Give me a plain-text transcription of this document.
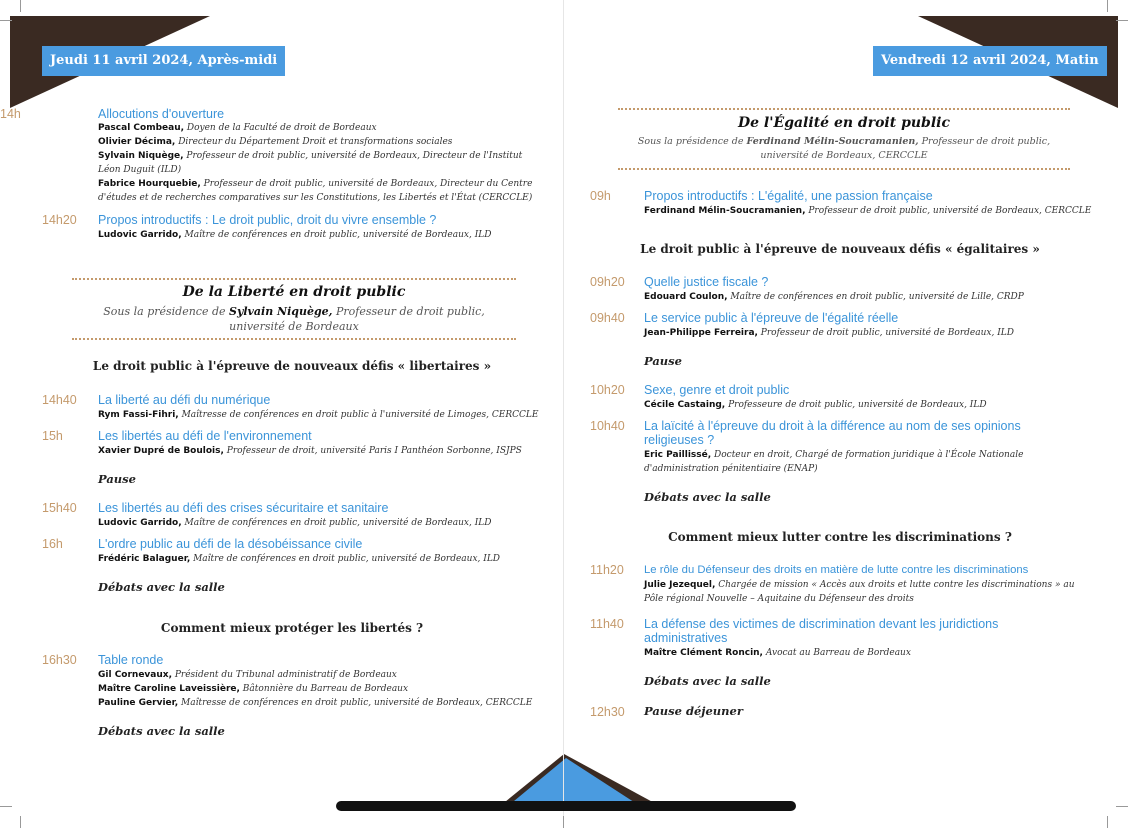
Jeudi 11 avril 2024, Après-midi
14h	Allocutions d'ouverture
Pascal Combeau, Doyen de la Faculté de droit de Bordeaux
Olivier Décima, Directeur du Département Droit et transformations sociales
Sylvain Niquège, Professeur de droit public, université de Bordeaux, Directeur de l'Institut
Léon Duguit (ILD)
Fabrice Hourquebie, Professeur de droit public, université de Bordeaux, Directeur du Centre
d'études et de recherches comparatives sur les Constitutions, les Libertés et l'État (CERCCLE)
14h20 Propos introductifs : Le droit public, droit du vivre ensemble ?
Ludovic Garrido, Maître de conférences en droit public, université de Bordeaux, ILD
De la Liberté en droit public
Sous la présidence de Sylvain Niquège, Professeur de droit public,
université de Bordeaux
Le droit public à l'épreuve de nouveaux défis « libertaires »
14h40 La liberté au défi du numérique
Rym Fassi-Fihri, Maîtresse de conférences en droit public à l'université de Limoges, CERCCLE
15h	Les libertés au défi de l'environnement
Xavier Dupré de Boulois, Professeur de droit, université Paris I Panthéon Sorbonne, ISJPS
Pause
15h40 Les libertés au défi des crises sécuritaire et sanitaire
Ludovic Garrido, Maître de conférences en droit public, université de Bordeaux, ILD
16h	L'ordre public au défi de la désobéissance civile
Frédéric Balaguer, Maître de conférences en droit public, université de Bordeaux, ILD
Débats avec la salle
Comment mieux protéger les libertés ?
16h30 Table ronde
Gil Cornevaux, Président du Tribunal administratif de Bordeaux
Maître Caroline Laveissière, Bâtonnière du Barreau de Bordeaux
Pauline Gervier, Maîtresse de conférences en droit public, université de Bordeaux, CERCCLE
Débats avec la salle
Vendredi 12 avril 2024, Matin
De l'Égalité en droit public
Sous la présidence de Ferdinand Mélin-Soucramanien, Professeur de droit public,
université de Bordeaux, CERCCLE
09h	Propos introductifs : L'égalité, une passion française
Ferdinand Mélin-Soucramanien, Professeur de droit public, université de Bordeaux, CERCCLE
Le droit public à l'épreuve de nouveaux défis « égalitaires »
09h20 Quelle justice fiscale ?
Edouard Coulon, Maître de conférences en droit public, université de Lille, CRDP
09h40 Le service public à l'épreuve de l'égalité réelle
Jean-Philippe Ferreira, Professeur de droit public, université de Bordeaux, ILD
Pause
10h20 Sexe, genre et droit public
Cécile Castaing, Professeure de droit public, université de Bordeaux, ILD
10h40 La laïcité à l'épreuve du droit à la différence au nom de ses opinions
religieuses ?
Eric Paillissé, Docteur en droit, Chargé de formation juridique à l'École Nationale
d'administration pénitentiaire (ENAP)
Débats avec la salle
Comment mieux lutter contre les discriminations ?
11h20 Le rôle du Défenseur des droits en matière de lutte contre les discriminations
Julie Jezequel, Chargée de mission « Accès aux droits et lutte contre les discriminations » au
Pôle régional Nouvelle – Aquitaine du Défenseur des droits
11h40 La défense des victimes de discrimination devant les juridictions
administratives
Maître Clément Roncin, Avocat au Barreau de Bordeaux
Débats avec la salle
12h30 Pause déjeuner
